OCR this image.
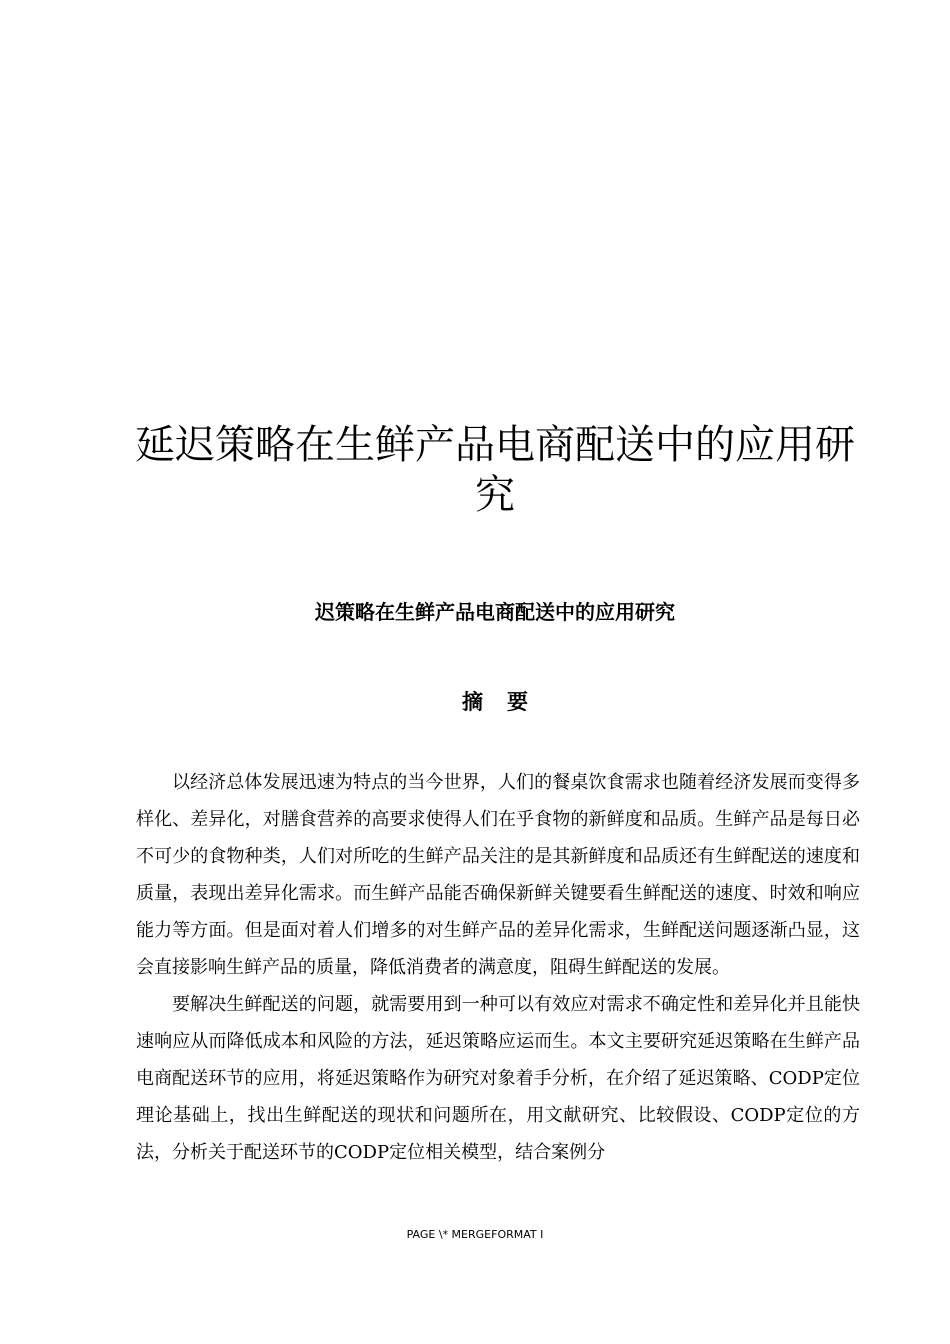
延迟策略在生鲜产品电商配送中的应用研究
迟策略在生鲜产品电商配送中的应用研究
摘要

以经济总体发展迅速为特点的当今世界，人们的餐桌饮食需求也随着经济发展而变得多样化、差异化，对膳食营养的高要求使得人们在乎食物的新鲜度和品质。生鲜产品是每日必不可少的食物种类，人们对所吃的生鲜产品关注的是其新鲜度和品质还有生鲜配送的速度和质量，表现出差异化需求。而生鲜产品能否确保新鲜关键要看生鲜配送的速度、时效和响应能力等方面。但是面对着人们增多的对生鲜产品的差异化需求，生鲜配送问题逐渐凸显，这会直接影响生鲜产品的质量，降低消费者的满意度，阻碍生鲜配送的发展。

要解决生鲜配送的问题，就需要用到一种可以有效应对需求不确定性和差异化并且能快速响应从而降低成本和风险的方法，延迟策略应运而生。本文主要研究延迟策略在生鲜产品电商配送环节的应用，将延迟策略作为研究对象着手分析，在介绍了延迟策略、CODP定位理论基础上，找出生鲜配送的现状和问题所在，用文献研究、比较假设、CODP定位的方法，分析关于配送环节的CODP定位相关模型，结合案例分

PAGE \* MERGEFORMAT I
